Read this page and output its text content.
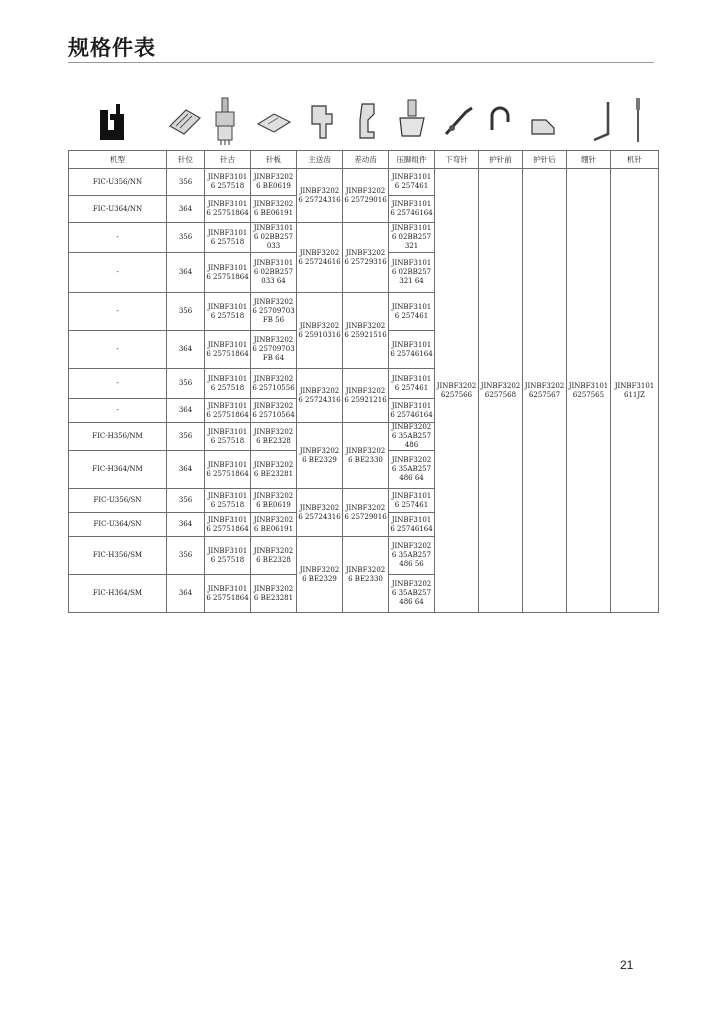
规格件表
机型	针位	针古	针板	主送齿	差动齿	压脚组件	下弯针	护针前	护针后	绷针	机针
FIC-U356/NN	356	JINBF31016 257518	JINBF32026 BE0619	JINBF32026 25724316	JINBF32026 25729016	JINBF31016 257461	JINBF3202 6257566	JINBF3202 6257568	JINBF3202 6257567	JINBF3101 6257565	JINBF3101 611JZ
FIC-U364/NN	364	JINBF31016 25751864	JINBF32026 BE06191			JINBF31016 25746164					
-	356	JINBF31016 257518	JINBF31016 02BB257033	JINBF32026 25724616	JINBF32026 25729316	JINBF31016 02BB257321					
-	364	JINBF31016 25751864	JINBF31016 02BB257033 64			JINBF31016 02BB257321 64					
-	356	JINBF31016 257518	JINBF32026 25709703FB 56	JINBF32026 25910316	JINBF32026 25921516	JINBF31016 257461					
-	364	JINBF31016 25751864	JINBF32026 25709703FB 64			JINBF31016 25746164					
-	356	JINBF31016 257518	JINBF32026 25710556	JINBF32026 25724316	JINBF32026 25921216	JINBF31016 257461					
-	364	JINBF31016 25751864	JINBF32026 25710564			JINBF31016 25746164					
FIC-H356/NM	356	JINBF31016 257518	JINBF32026 BE2328	JINBF32026 BE2329	JINBF32026 BE2330	JINBF32026 35AB257486					
FIC-H364/NM	364	JINBF31016 25751864	JINBF32026 BE23281			JINBF32026 35AB257486 64					
FIC-U356/SN	356	JINBF31016 257518	JINBF32026 BE0619	JINBF32026 25724316	JINBF32026 25729016	JINBF31016 257461					
FIC-U364/SN	364	JINBF31016 25751864	JINBF32026 BE06191			JINBF31016 25746164					
FIC-H356/SM	356	JINBF31016 257518	JINBF32026 BE2328	JINBF32026 BE2329	JINBF32026 BE2330	JINBF32026 35AB257486 56					
FIC-H364/SM	364	JINBF31016 25751864	JINBF32026 BE23281			JINBF32026 35AB257486 64					
21
